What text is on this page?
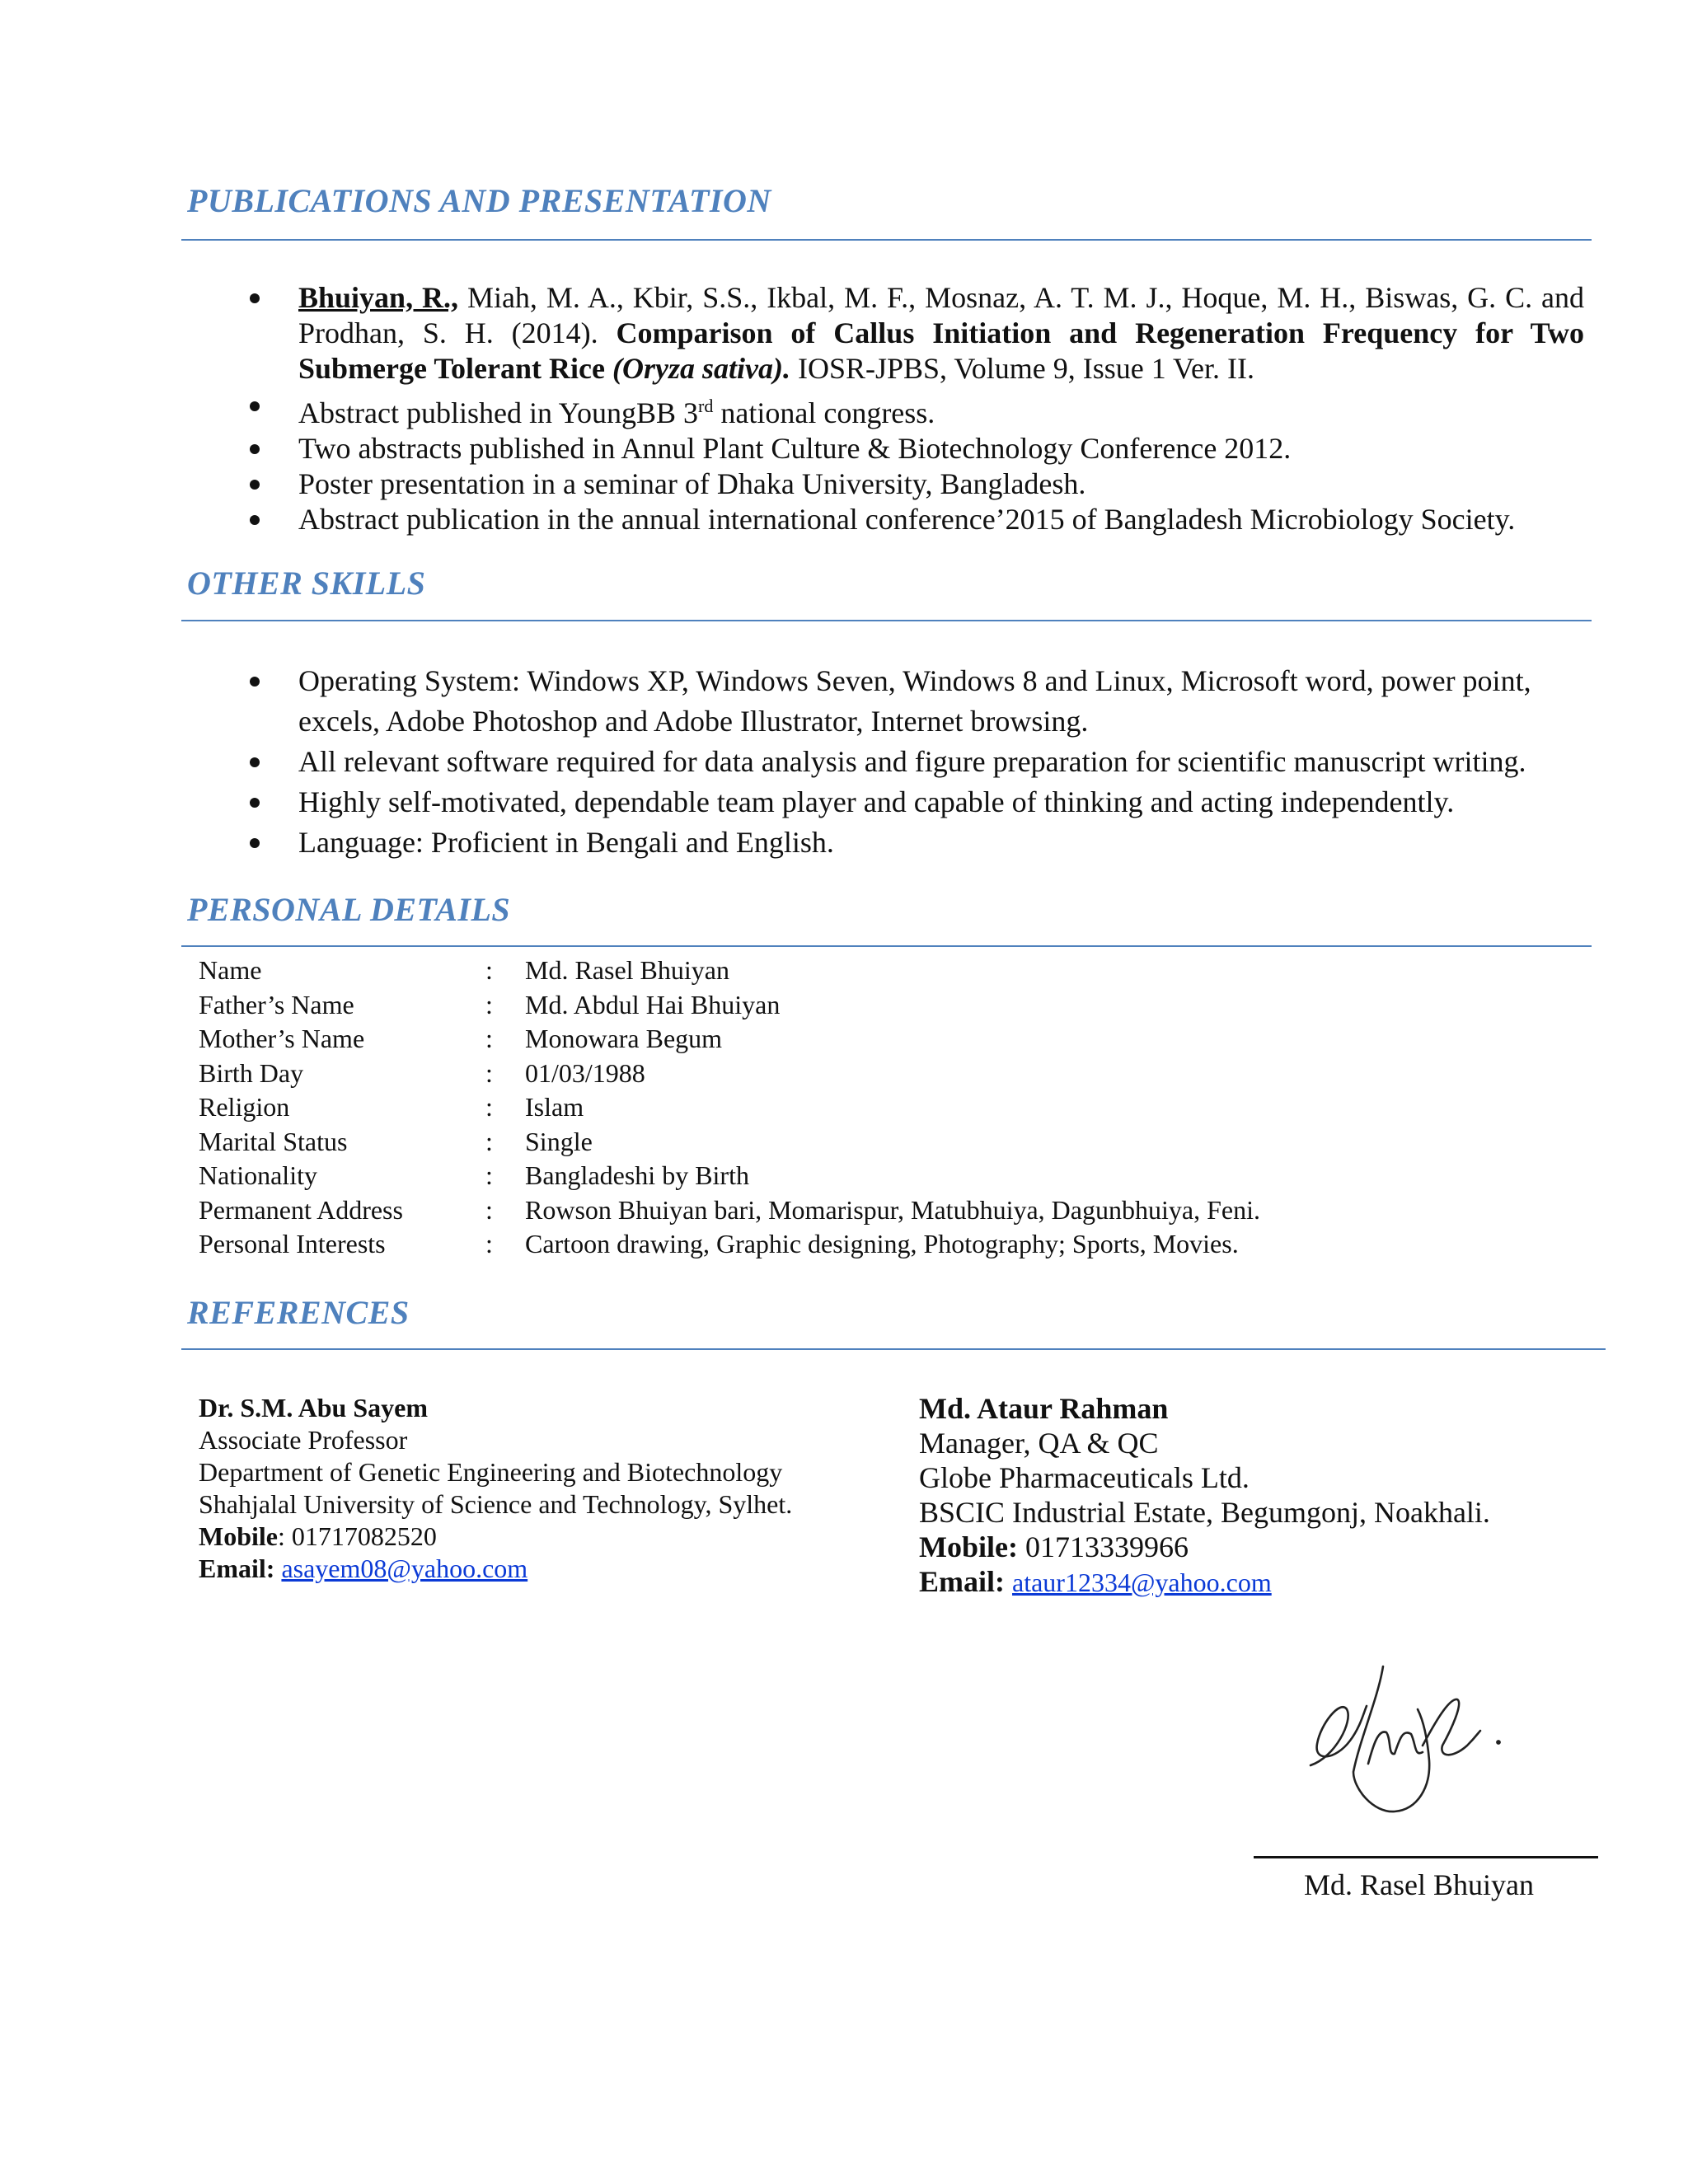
PUBLICATIONS AND PRESENTATION
Bhuiyan, R., Miah, M. A., Kbir, S.S., Ikbal, M. F., Mosnaz, A. T. M. J., Hoque, M. H., Biswas, G. C. and Prodhan, S. H. (2014). Comparison of Callus Initiation and Regeneration Frequency for Two Submerge Tolerant Rice (Oryza sativa). IOSR-JPBS, Volume 9, Issue 1 Ver. II.
Abstract published in YoungBB 3rd national congress.
Two abstracts published in Annul Plant Culture & Biotechnology Conference 2012.
Poster presentation in a seminar of Dhaka University, Bangladesh.
Abstract publication in the annual international conference’2015 of Bangladesh Microbiology Society.
OTHER SKILLS
Operating System: Windows XP, Windows Seven, Windows 8 and Linux, Microsoft word, power point, excels, Adobe Photoshop and Adobe Illustrator, Internet browsing.
All relevant software required for data analysis and figure preparation for scientific manuscript writing.
Highly self-motivated, dependable team player and capable of thinking and acting independently.
Language: Proficient in Bengali and English.
PERSONAL DETAILS
Name	: Md. Rasel Bhuiyan
Father’s Name	: Md. Abdul Hai Bhuiyan
Mother’s Name	: Monowara Begum
Birth Day	: 01/03/1988
Religion	: Islam
Marital Status	: Single
Nationality	: Bangladeshi by Birth
Permanent Address	: Rowson Bhuiyan bari, Momarispur, Matubhuiya, Dagunbhuiya, Feni.
Personal Interests	: Cartoon drawing, Graphic designing, Photography; Sports, Movies.
REFERENCES
Dr. S.M. Abu Sayem
Associate Professor
Department of Genetic Engineering and Biotechnology
Shahjalal University of Science and Technology, Sylhet.
Mobile: 01717082520
Email: asayem08@yahoo.com
Md. Ataur Rahman
Manager, QA & QC
Globe Pharmaceuticals Ltd.
BSCIC Industrial Estate, Begumgonj, Noakhali.
Mobile: 01713339966
Email: ataur12334@yahoo.com
Md. Rasel Bhuiyan
